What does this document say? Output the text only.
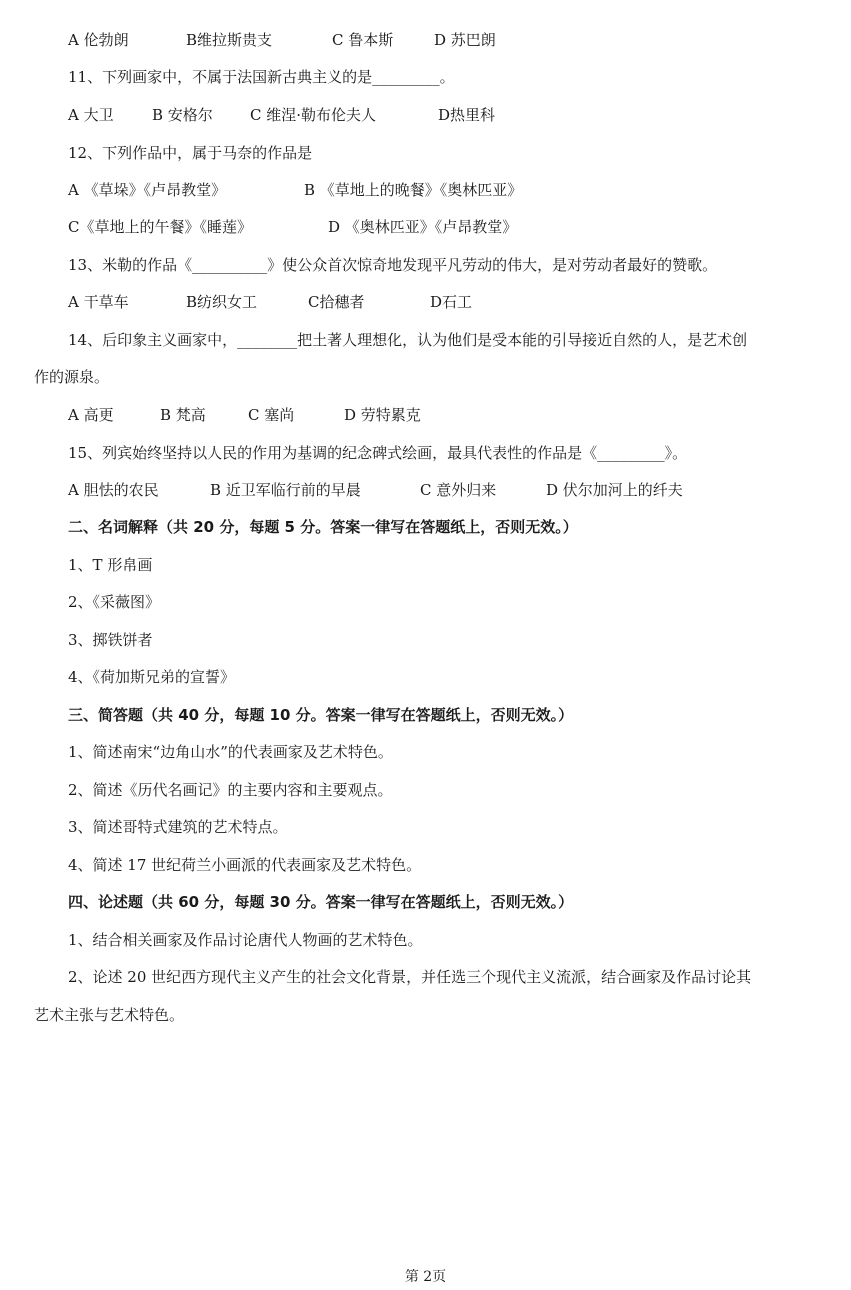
A 伦勃朗	B维拉斯贵支	C 鲁本斯	D 苏巴朗
11、下列画家中，不属于法国新古典主义的是_________。
A 大卫	B 安格尔 C 维涅·勒布伦夫人	D热里科
12、下列作品中，属于马奈的作品是
A 《草垛》《卢昂教堂》	B 《草地上的晚餐》《奥林匹亚》
C《草地上的午餐》《睡莲》	D 《奥林匹亚》《卢昂教堂》
13、米勒的作品《__________》使公众首次惊奇地发现平凡劳动的伟大，是对劳动者最好的赞歌。
A 干草车	B纺织女工	C拾穗者	D石工
14、后印象主义画家中，________把土著人理想化，认为他们是受本能的引导接近自然的人，是艺术创
作的源泉。
A 高更	B 梵高	C 塞尚	D 劳特累克
15、列宾始终坚持以人民的作用为基调的纪念碑式绘画，最具代表性的作品是《_________》。
A 胆怯的农民	B 近卫军临行前的早晨	C 意外归来	D 伏尔加河上的纤夫
二、名词解释（共 20 分，每题 5 分。答案一律写在答题纸上，否则无效。）
1、T 形帛画
2、《采薇图》
3、掷铁饼者
4、《荷加斯兄弟的宣誓》
三、简答题（共 40 分，每题 10 分。答案一律写在答题纸上，否则无效。）
1、简述南宋“边角山水”的代表画家及艺术特色。
2、简述《历代名画记》的主要内容和主要观点。
3、简述哥特式建筑的艺术特点。
4、简述 17 世纪荷兰小画派的代表画家及艺术特色。
四、论述题（共 60 分，每题 30 分。答案一律写在答题纸上，否则无效。）
1、结合相关画家及作品讨论唐代人物画的艺术特色。
2、论述 20 世纪西方现代主义产生的社会文化背景，并任选三个现代主义流派，结合画家及作品讨论其
艺术主张与艺术特色。
第 2页
